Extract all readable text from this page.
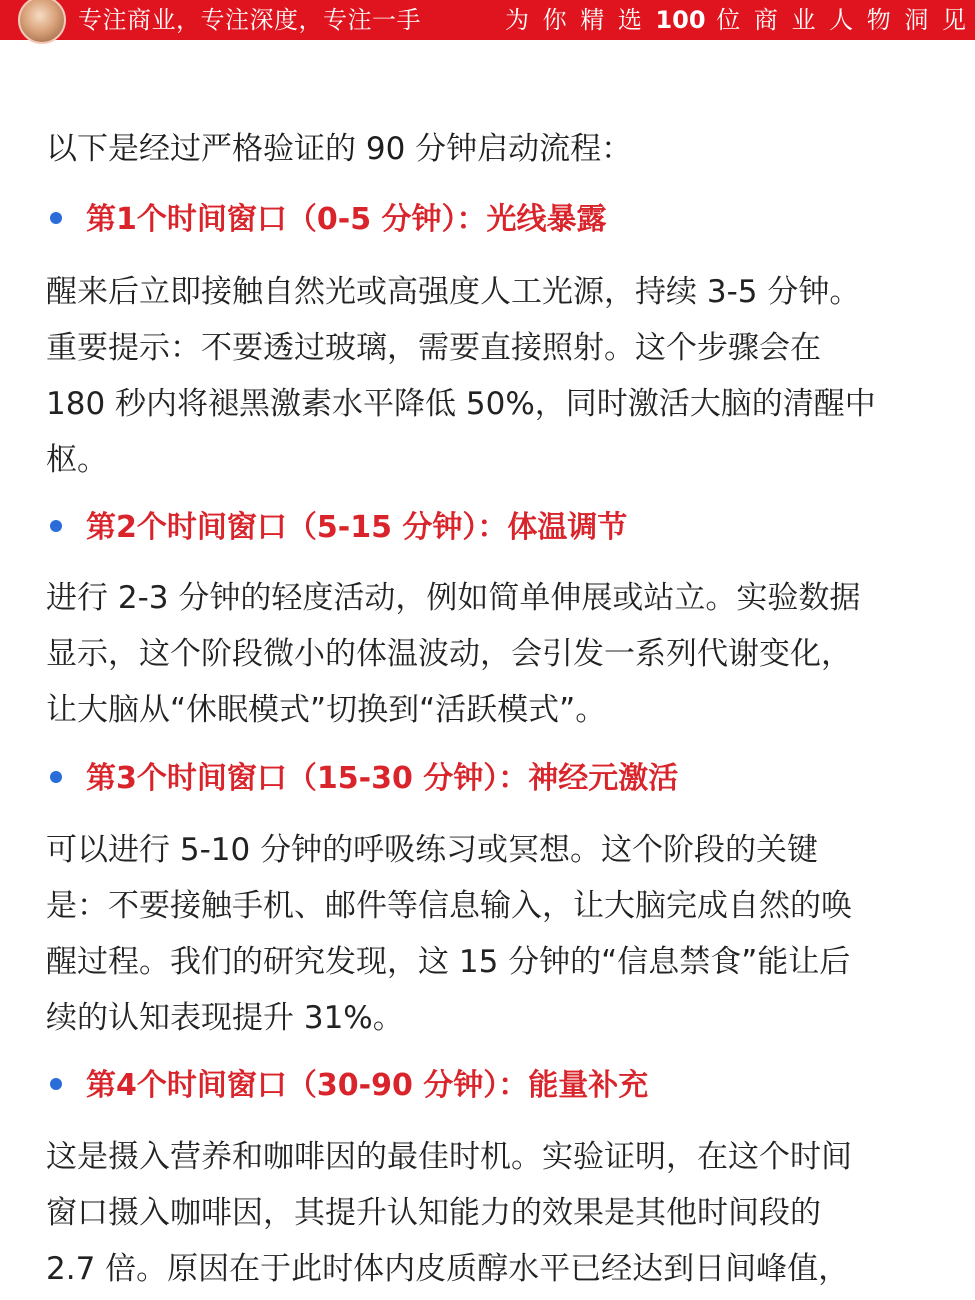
专注商业，专注深度，专注一手	为 你 精 选 100 位 商 业 人 物 洞 见
以下是经过严格验证的 90 分钟启动流程：
第1个时间窗口（0-5 分钟）：光线暴露
醒来后立即接触自然光或高强度人工光源，持续 3-5 分钟。
重要提示：不要透过玻璃，需要直接照射。这个步骤会在
180 秒内将褪黑激素水平降低 50%，同时激活大脑的清醒中
枢。
第2个时间窗口（5-15 分钟）：体温调节
进行 2-3 分钟的轻度活动，例如简单伸展或站立。实验数据
显示，这个阶段微小的体温波动，会引发一系列代谢变化，
让大脑从“休眠模式”切换到“活跃模式”。
第3个时间窗口（15-30 分钟）：神经元激活
可以进行 5-10 分钟的呼吸练习或冥想。这个阶段的关键
是：不要接触手机、邮件等信息输入，让大脑完成自然的唤
醒过程。我们的研究发现，这 15 分钟的“信息禁食”能让后
续的认知表现提升 31%。
第4个时间窗口（30-90 分钟）：能量补充
这是摄入营养和咖啡因的最佳时机。实验证明，在这个时间
窗口摄入咖啡因，其提升认知能力的效果是其他时间段的
2.7 倍。原因在于此时体内皮质醇水平已经达到日间峰值，
